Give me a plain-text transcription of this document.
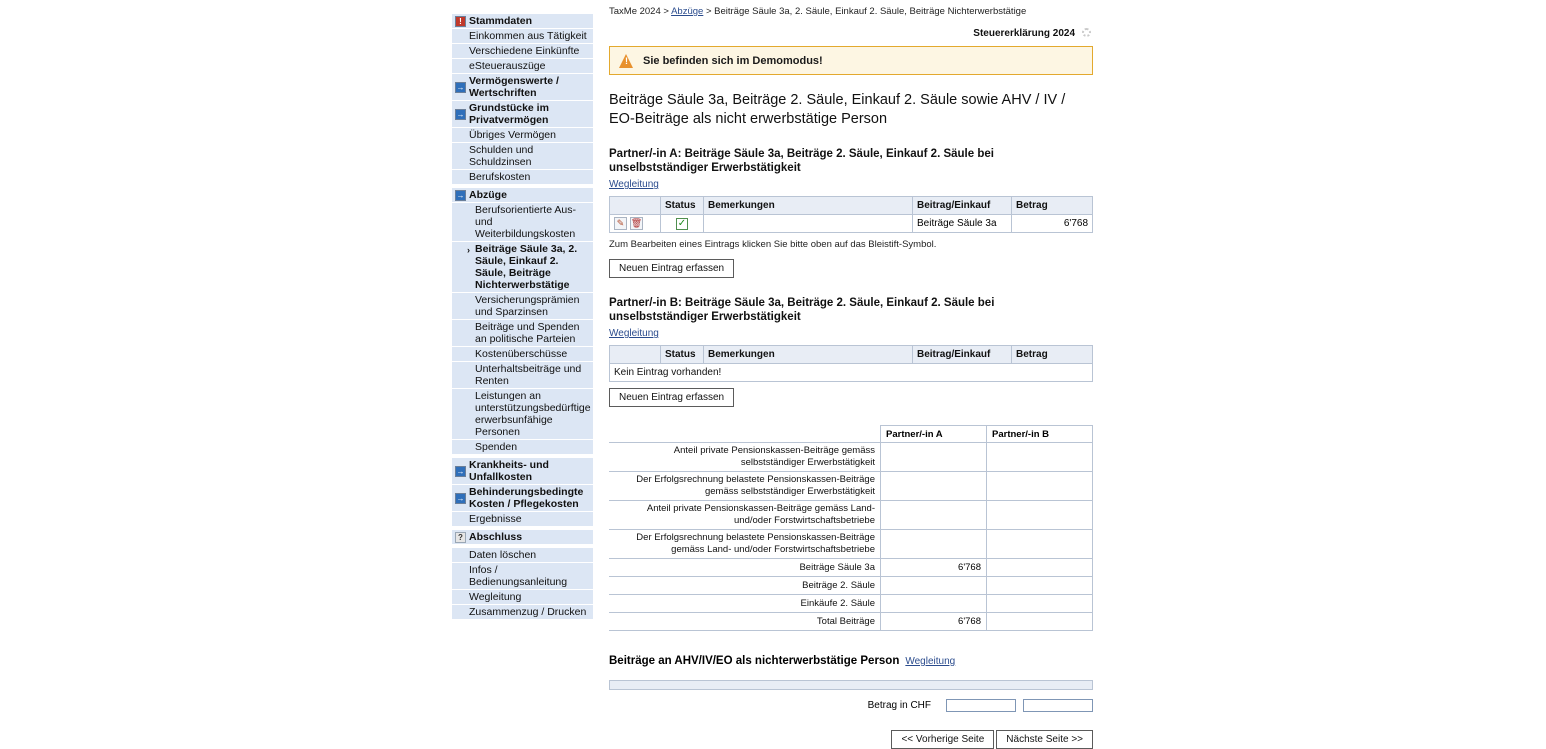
! Stammdaten
Einkommen aus Tätigkeit
Verschiedene Einkünfte
eSteuerauszüge
→ Vermögenswerte / Wertschriften
→ Grundstücke im Privatvermögen
Übriges Vermögen
Schulden und Schuldzinsen
Berufskosten
→ Abzüge
Berufsorientierte Aus- und Weiterbildungskosten
› Beiträge Säule 3a, 2. Säule, Einkauf 2. Säule, Beiträge Nichterwerbstätige
Versicherungsprämien und Sparzinsen
Beiträge und Spenden an politische Parteien
Kostenüberschüsse
Unterhaltsbeiträge und Renten
Leistungen an unterstützungsbedürftige erwerbsunfähige Personen
Spenden
→ Krankheits- und Unfallkosten
→ Behinderungsbedingte Kosten / Pflegekosten
Ergebnisse
? Abschluss
Daten löschen
Infos / Bedienungsanleitung
Wegleitung
Zusammenzug / Drucken
TaxMe 2024 > Abzüge > Beiträge Säule 3a, 2. Säule, Einkauf 2. Säule, Beiträge Nichterwerbstätige
Steuererklärung 2024
!
Sie befinden sich im Demomodus!
Beiträge Säule 3a, Beiträge 2. Säule, Einkauf 2. Säule sowie AHV / IV / EO-Beiträge als nicht erwerbstätige Person
Partner/-in A: Beiträge Säule 3a, Beiträge 2. Säule, Einkauf 2. Säule bei unselbstständiger Erwerbstätigkeit
Wegleitung
	Status	Bemerkungen	Beitrag/Einkauf	Betrag
✎ 🗑	✓		Beiträge Säule 3a	6'768
Zum Bearbeiten eines Eintrags klicken Sie bitte oben auf das Bleistift-Symbol.
Neuen Eintrag erfassen
Partner/-in B: Beiträge Säule 3a, Beiträge 2. Säule, Einkauf 2. Säule bei unselbstständiger Erwerbstätigkeit
Wegleitung
	Status	Bemerkungen	Beitrag/Einkauf	Betrag
Kein Eintrag vorhanden!
Neuen Eintrag erfassen
	Partner/-in A	Partner/-in B
Anteil private Pensionskassen-Beiträge gemäss selbstständiger Erwerbstätigkeit		
Der Erfolgsrechnung belastete Pensionskassen-Beiträge gemäss selbstständiger Erwerbstätigkeit		
Anteil private Pensionskassen-Beiträge gemäss Land- und/oder Forstwirtschaftsbetriebe		
Der Erfolgsrechnung belastete Pensionskassen-Beiträge gemäss Land- und/oder Forstwirtschaftsbetriebe		
Beiträge Säule 3a	6'768	
Beiträge 2. Säule		
Einkäufe 2. Säule		
Total Beiträge	6'768	
Beiträge an AHV/IV/EO als nichterwerbstätige Person Wegleitung
Betrag in CHF
<< Vorherige Seite	Nächste Seite >>
